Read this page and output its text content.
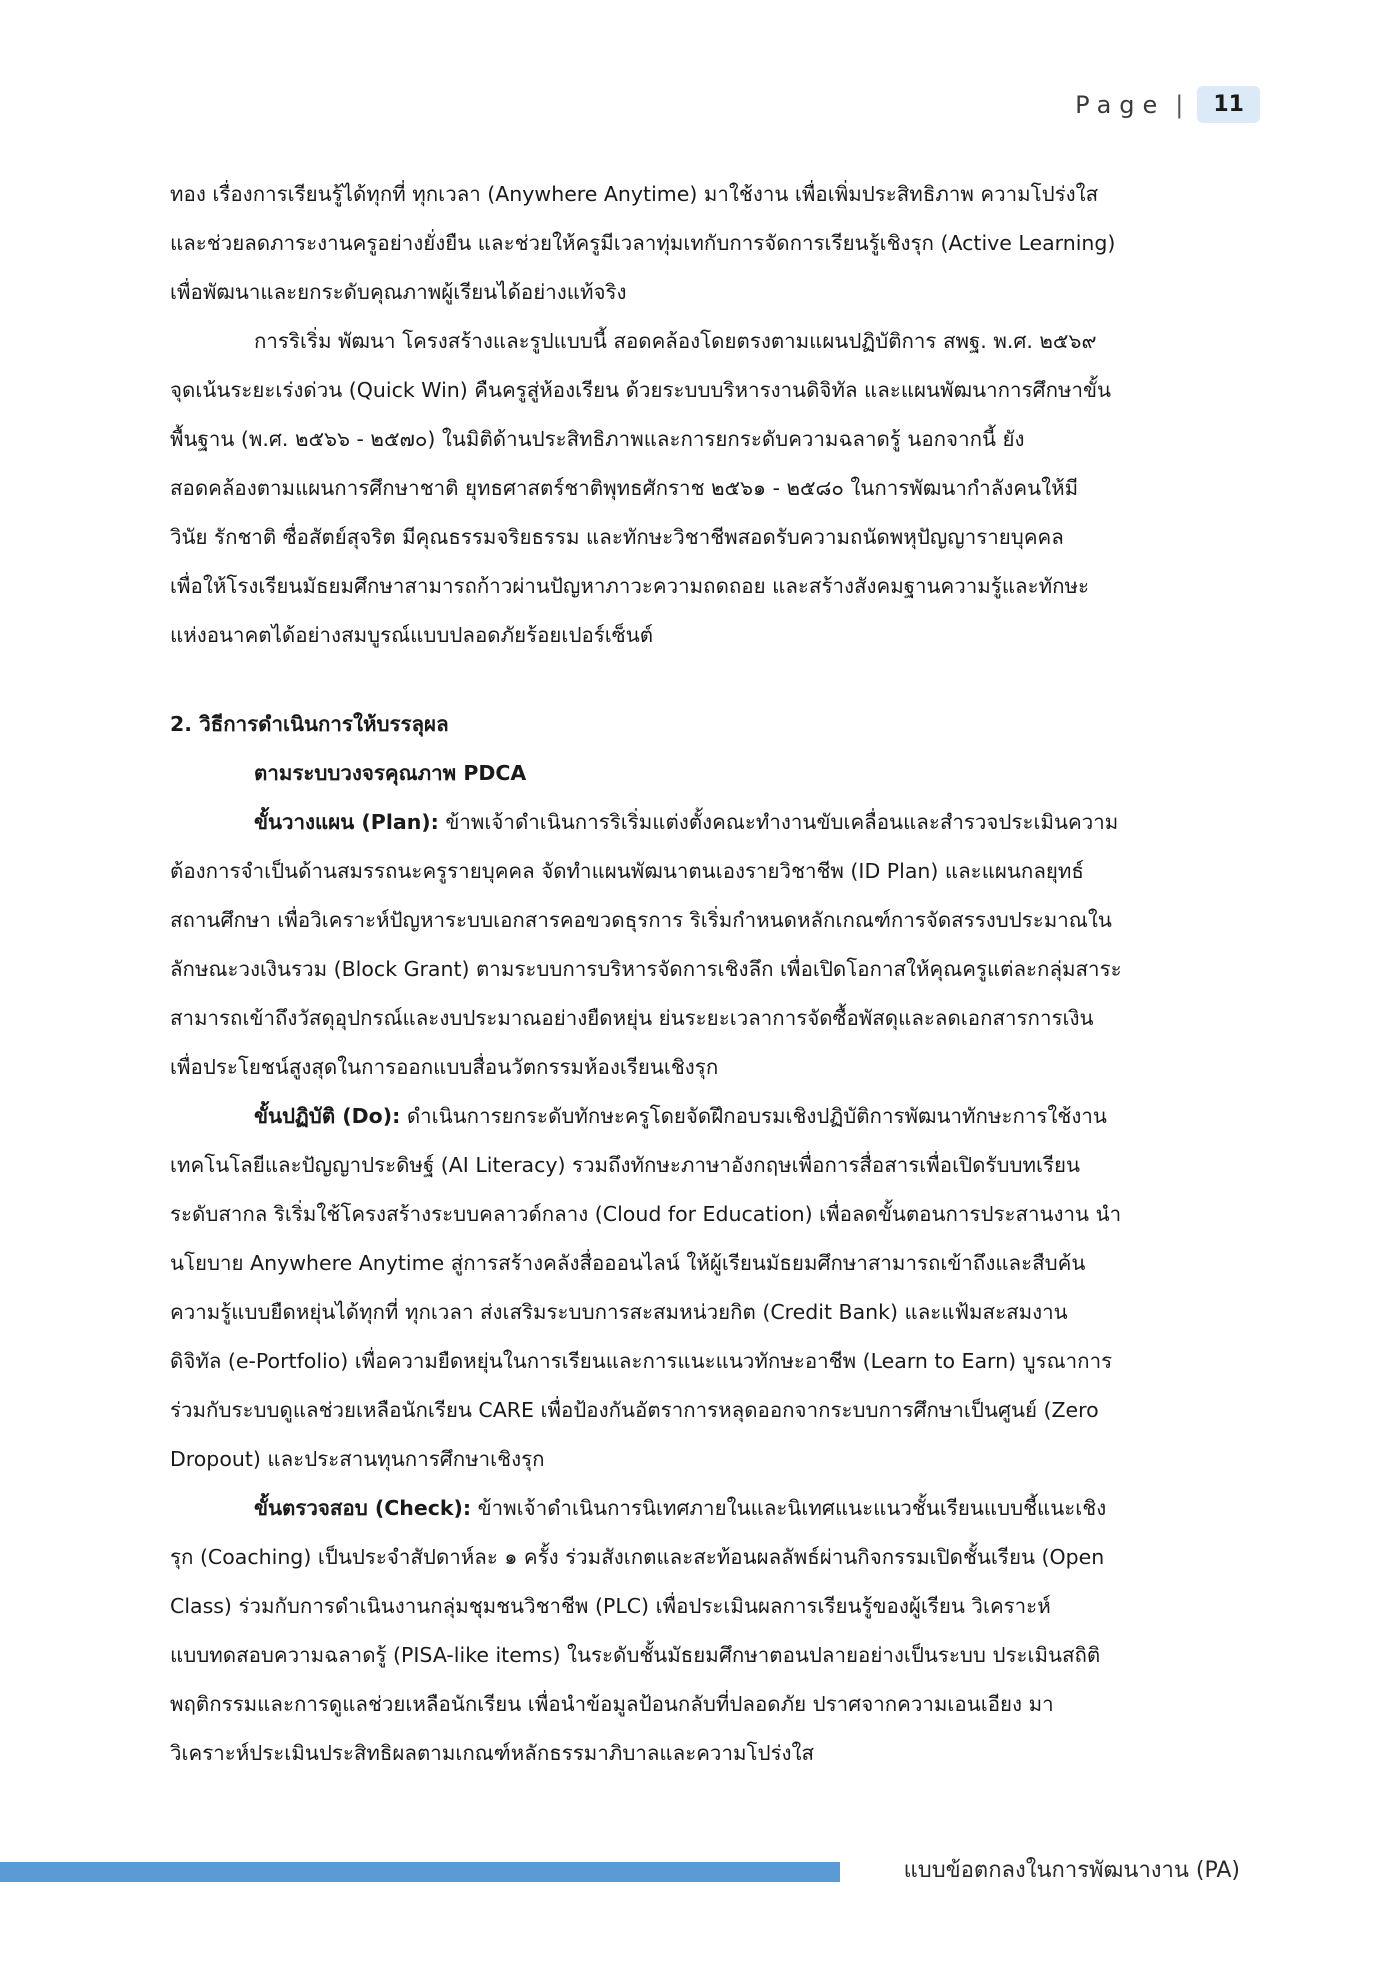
Page |	11

ทอง เรื่องการเรียนรู้ได้ทุกที่ ทุกเวลา (Anywhere Anytime) มาใช้งาน เพื่อเพิ่มประสิทธิภาพ ความโปร่งใส
และช่วยลดภาระงานครูอย่างยั่งยืน และช่วยให้ครูมีเวลาทุ่มเทกับการจัดการเรียนรู้เชิงรุก (Active Learning)
เพื่อพัฒนาและยกระดับคุณภาพผู้เรียนได้อย่างแท้จริง

การริเริ่ม พัฒนา โครงสร้างและรูปแบบนี้ สอดคล้องโดยตรงตามแผนปฏิบัติการ สพฐ. พ.ศ. ๒๕๖๙
จุดเน้นระยะเร่งด่วน (Quick Win) คืนครูสู่ห้องเรียน ด้วยระบบบริหารงานดิจิทัล และแผนพัฒนาการศึกษาขั้น
พื้นฐาน (พ.ศ. ๒๕๖๖ - ๒๕๗๐) ในมิติด้านประสิทธิภาพและการยกระดับความฉลาดรู้ นอกจากนี้ ยัง
สอดคล้องตามแผนการศึกษาชาติ ยุทธศาสตร์ชาติพุทธศักราช ๒๕๖๑ - ๒๕๘๐ ในการพัฒนากำลังคนให้มี
วินัย รักชาติ ซื่อสัตย์สุจริต มีคุณธรรมจริยธรรม และทักษะวิชาชีพสอดรับความถนัดพหุปัญญารายบุคคล
เพื่อให้โรงเรียนมัธยมศึกษาสามารถก้าวผ่านปัญหาภาวะความถดถอย และสร้างสังคมฐานความรู้และทักษะ
แห่งอนาคตได้อย่างสมบูรณ์แบบปลอดภัยร้อยเปอร์เซ็นต์

2. วิธีการดำเนินการให้บรรลุผล

ตามระบบวงจรคุณภาพ PDCA

ขั้นวางแผน (Plan): ข้าพเจ้าดำเนินการริเริ่มแต่งตั้งคณะทำงานขับเคลื่อนและสำรวจประเมินความ
ต้องการจำเป็นด้านสมรรถนะครูรายบุคคล จัดทำแผนพัฒนาตนเองรายวิชาชีพ (ID Plan) และแผนกลยุทธ์
สถานศึกษา เพื่อวิเคราะห์ปัญหาระบบเอกสารคอขวดธุรการ ริเริ่มกำหนดหลักเกณฑ์การจัดสรรงบประมาณใน
ลักษณะวงเงินรวม (Block Grant) ตามระบบการบริหารจัดการเชิงลึก เพื่อเปิดโอกาสให้คุณครูแต่ละกลุ่มสาระ
สามารถเข้าถึงวัสดุอุปกรณ์และงบประมาณอย่างยืดหยุ่น ย่นระยะเวลาการจัดซื้อพัสดุและลดเอกสารการเงิน
เพื่อประโยชน์สูงสุดในการออกแบบสื่อนวัตกรรมห้องเรียนเชิงรุก

ขั้นปฏิบัติ (Do): ดำเนินการยกระดับทักษะครูโดยจัดฝึกอบรมเชิงปฏิบัติการพัฒนาทักษะการใช้งาน
เทคโนโลยีและปัญญาประดิษฐ์ (AI Literacy) รวมถึงทักษะภาษาอังกฤษเพื่อการสื่อสารเพื่อเปิดรับบทเรียน
ระดับสากล ริเริ่มใช้โครงสร้างระบบคลาวด์กลาง (Cloud for Education) เพื่อลดขั้นตอนการประสานงาน นำ
นโยบาย Anywhere Anytime สู่การสร้างคลังสื่อออนไลน์ ให้ผู้เรียนมัธยมศึกษาสามารถเข้าถึงและสืบค้น
ความรู้แบบยืดหยุ่นได้ทุกที่ ทุกเวลา ส่งเสริมระบบการสะสมหน่วยกิต (Credit Bank) และแฟ้มสะสมงาน
ดิจิทัล (e-Portfolio) เพื่อความยืดหยุ่นในการเรียนและการแนะแนวทักษะอาชีพ (Learn to Earn) บูรณาการ
ร่วมกับระบบดูแลช่วยเหลือนักเรียน CARE เพื่อป้องกันอัตราการหลุดออกจากระบบการศึกษาเป็นศูนย์ (Zero
Dropout) และประสานทุนการศึกษาเชิงรุก

ขั้นตรวจสอบ (Check): ข้าพเจ้าดำเนินการนิเทศภายในและนิเทศแนะแนวชั้นเรียนแบบชี้แนะเชิง
รุก (Coaching) เป็นประจำสัปดาห์ละ ๑ ครั้ง ร่วมสังเกตและสะท้อนผลลัพธ์ผ่านกิจกรรมเปิดชั้นเรียน (Open
Class) ร่วมกับการดำเนินงานกลุ่มชุมชนวิชาชีพ (PLC) เพื่อประเมินผลการเรียนรู้ของผู้เรียน วิเคราะห์
แบบทดสอบความฉลาดรู้ (PISA-like items) ในระดับชั้นมัธยมศึกษาตอนปลายอย่างเป็นระบบ ประเมินสถิติ
พฤติกรรมและการดูแลช่วยเหลือนักเรียน เพื่อนำข้อมูลป้อนกลับที่ปลอดภัย ปราศจากความเอนเอียง มา
วิเคราะห์ประเมินประสิทธิผลตามเกณฑ์หลักธรรมาภิบาลและความโปร่งใส

แบบข้อตกลงในการพัฒนางาน (PA)
